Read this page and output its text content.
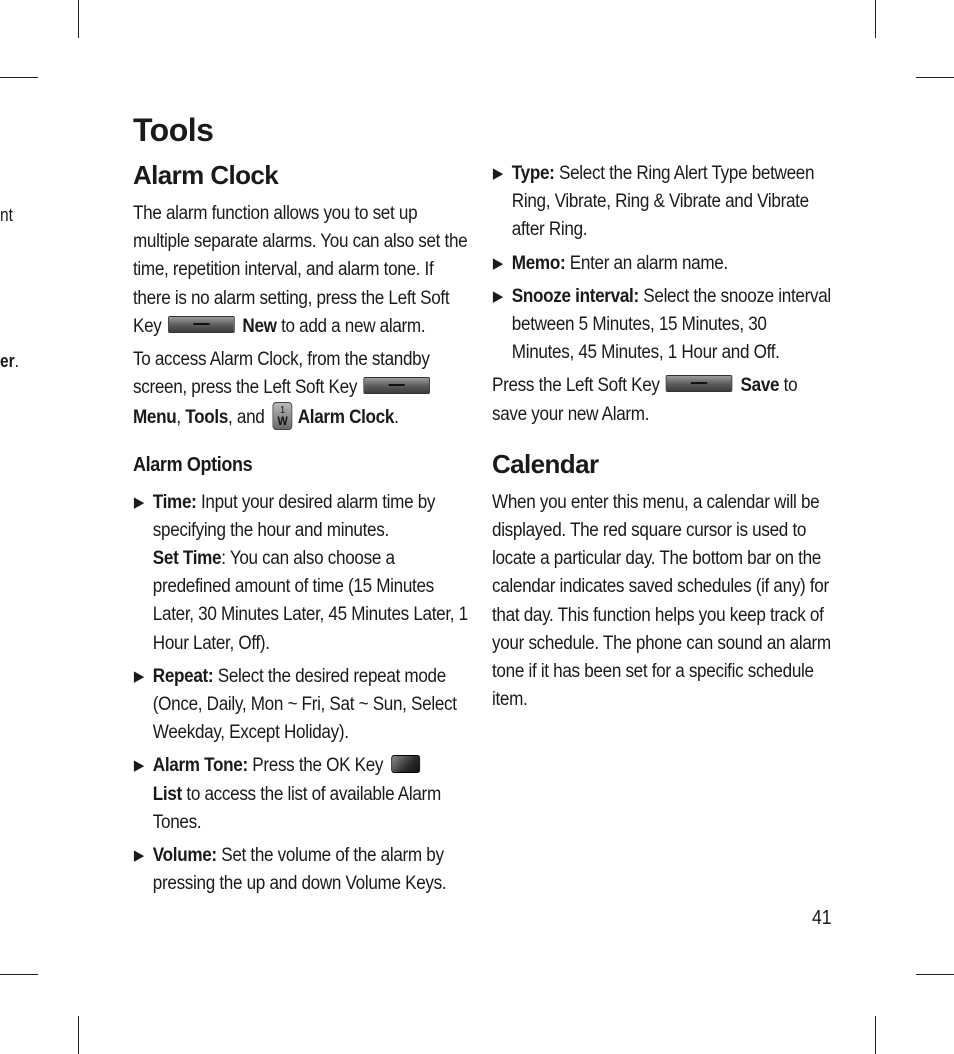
nt
er.
Tools
Alarm Clock

The alarm function allows you to set up multiple separate alarms. You can also set the time, repetition interval, and alarm tone. If there is no alarm setting, press the Left Soft Key	New to add a new alarm.

To access Alarm Clock, from the standby screen, press the Left Soft Key
Menu, Tools, and	1
W Alarm Clock.

Alarm Options
▶ Time: Input your desired alarm time by specifying the hour and minutes.
Set Time: You can also choose a predefined amount of time (15 Minutes Later, 30 Minutes Later, 45 Minutes Later, 1 Hour Later, Off).
▶ Repeat: Select the desired repeat mode (Once, Daily, Mon ~ Fri, Sat ~ Sun, Select Weekday, Except Holiday).
▶ Alarm Tone: Press the OK Key
List to access the list of available Alarm Tones.
▶ Volume: Set the volume of the alarm by pressing the up and down Volume Keys.
▶ Type: Select the Ring Alert Type between Ring, Vibrate, Ring & Vibrate and Vibrate after Ring.
▶ Memo: Enter an alarm name.
▶ Snooze interval: Select the snooze interval between 5 Minutes, 15 Minutes, 30 Minutes, 45 Minutes, 1 Hour and Off.

Press the Left Soft Key	Save to save your new Alarm.

Calendar

When you enter this menu, a calendar will be displayed. The red square cursor is used to locate a particular day. The bottom bar on the calendar indicates saved schedules (if any) for that day. This function helps you keep track of your schedule. The phone can sound an alarm tone if it has been set for a specific schedule item.

41
